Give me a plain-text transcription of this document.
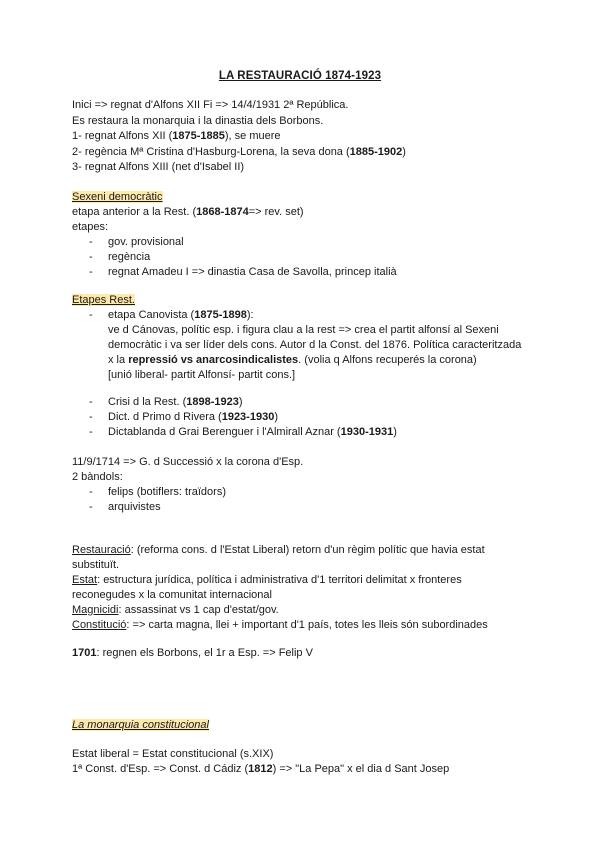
LA RESTAURACIÓ 1874-1923
Inici => regnat d'Alfons XII Fi => 14/4/1931 2ª República.
Es restaura la monarquia i la dinastia dels Borbons.
1- regnat Alfons XII (1875-1885), se muere
2- regència Mª Cristina d'Hasburg-Lorena, la seva dona (1885-1902)
3- regnat Alfons XIII (net d'Isabel II)
Sexeni democràtic
etapa anterior a la Rest. (1868-1874=> rev. set)
etapes:
- gov. provisional
- regència
- regnat Amadeu I => dinastia Casa de Savolla, princep italià
Etapes Rest.
- etapa Canovista (1875-1898):
ve d Cánovas, polític esp. i figura clau a la rest => crea el partit alfonsí al Sexeni
democràtic i va ser líder dels cons. Autor d la Const. del 1876. Política caracteritzada
x la repressió vs anarcosindicalistes. (volia q Alfons recuperés la corona)
[unió liberal- partit Alfonsí- partit cons.]
- Crisi d la Rest. (1898-1923)
- Dict. d Primo d Rivera (1923-1930)
- Dictablanda d Grai Berenguer i l'Almirall Aznar (1930-1931)
11/9/1714 => G. d Successió x la corona d'Esp.
2 bàndols:
- felips (botiflers: traïdors)
- arquivistes
Restauració: (reforma cons. d l'Estat Liberal) retorn d'un règim polític que havia estat
substituït.
Estat: estructura jurídica, política i administrativa d'1 territori delimitat x fronteres
reconegudes x la comunitat internacional
Magnicidi: assassinat vs 1 cap d'estat/gov.
Constitució: => carta magna, llei + important d'1 país, totes les lleis són subordinades
1701: regnen els Borbons, el 1r a Esp. => Felip V
La monarquia constitucional
Estat liberal = Estat constitucional (s.XIX)
1ª Const. d'Esp. => Const. d Cádiz (1812) => "La Pepa" x el dia d Sant Josep
